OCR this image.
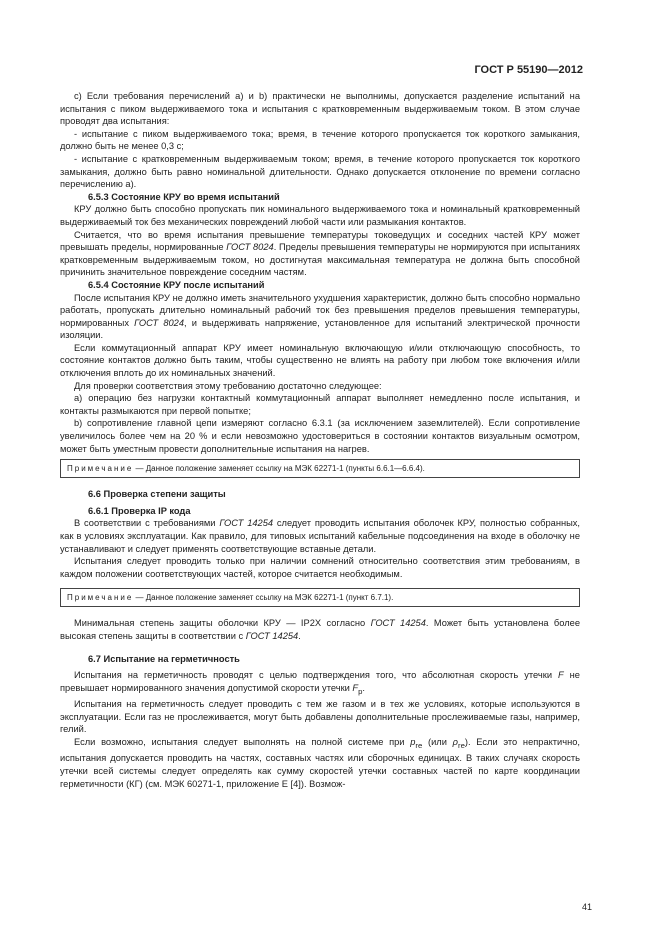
ГОСТ Р 55190—2012

c) Если требования перечислений a) и b) практически не выполнимы, допускается разделение испытаний на испытания с пиком выдерживаемого тока и испытания с кратковременным выдерживаемым током. В этом случае проводят два испытания:

- испытание с пиком выдерживаемого тока; время, в течение которого пропускается ток короткого замыкания, должно быть не менее 0,3 с;

- испытание с кратковременным выдерживаемым током; время, в течение которого пропускается ток короткого замыкания, должно быть равно номинальной длительности. Однако допускается отклонение по времени согласно перечислению a).

6.5.3 Состояние КРУ во время испытаний

КРУ должно быть способно пропускать пик номинального выдерживаемого тока и номинальный кратковременный выдерживаемый ток без механических повреждений любой части или размыкания контактов.

Считается, что во время испытания превышение температуры токоведущих и соседних частей КРУ может превышать пределы, нормированные ГОСТ 8024. Пределы превышения температуры не нормируются при испытаниях кратковременным выдерживаемым током, но достигнутая максимальная температура не должна быть способной причинить значительное повреждение соседним частям.

6.5.4 Состояние КРУ после испытаний

После испытания КРУ не должно иметь значительного ухудшения характеристик, должно быть способно нормально работать, пропускать длительно номинальный рабочий ток без превышения пределов превышения температуры, нормированных ГОСТ 8024, и выдерживать напряжение, установленное для испытаний электрической прочности изоляции.

Если коммутационный аппарат КРУ имеет номинальную включающую и/или отключающую способность, то состояние контактов должно быть таким, чтобы существенно не влиять на работу при любом токе включения и/или отключения вплоть до их номинальных значений.

Для проверки соответствия этому требованию достаточно следующее:

a) операцию без нагрузки контактный коммутационный аппарат выполняет немедленно после испытания, и контакты размыкаются при первой попытке;

b) сопротивление главной цепи измеряют согласно 6.3.1 (за исключением заземлителей). Если сопротивление увеличилось более чем на 20 % и если невозможно удостовериться в состоянии контактов визуальным осмотром, может быть уместным провести дополнительные испытания на нагрев.

Примечание — Данное положение заменяет ссылку на МЭК 62271-1 (пункты 6.6.1—6.6.4).

6.6 Проверка степени защиты

6.6.1 Проверка IP кода

В соответствии с требованиями ГОСТ 14254 следует проводить испытания оболочек КРУ, полностью собранных, как в условиях эксплуатации. Как правило, для типовых испытаний кабельные подсоединения на входе в оболочку не устанавливают и следует применять соответствующие вставные детали.

Испытания следует проводить только при наличии сомнений относительно соответствия этим требованиям, в каждом положении соответствующих частей, которое считается необходимым.

Примечание — Данное положение заменяет ссылку на МЭК 62271-1 (пункт 6.7.1).

Минимальная степень защиты оболочки КРУ — IP2X согласно ГОСТ 14254. Может быть установлена более высокая степень защиты в соответствии с ГОСТ 14254.

6.7 Испытание на герметичность

Испытания на герметичность проводят с целью подтверждения того, что абсолютная скорость утечки F не превышает нормированного значения допустимой скорости утечки $F_p$.

Испытания на герметичность следует проводить с тем же газом и в тех же условиях, которые используются в эксплуатации. Если газ не прослеживается, могут быть добавлены дополнительные прослеживаемые газы, например, гелий.

Если возможно, испытания следует выполнять на полной системе при $p_{re}$ (или $\rho_{re}$). Если это непрактично, испытания допускается проводить на частях, составных частях или сборочных единицах. В таких случаях скорость утечки всей системы следует определять как сумму скоростей утечки составных частей по карте координации герметичности (КГ) (см. МЭК 60271-1, приложение Е [4]). Возмож-

41
